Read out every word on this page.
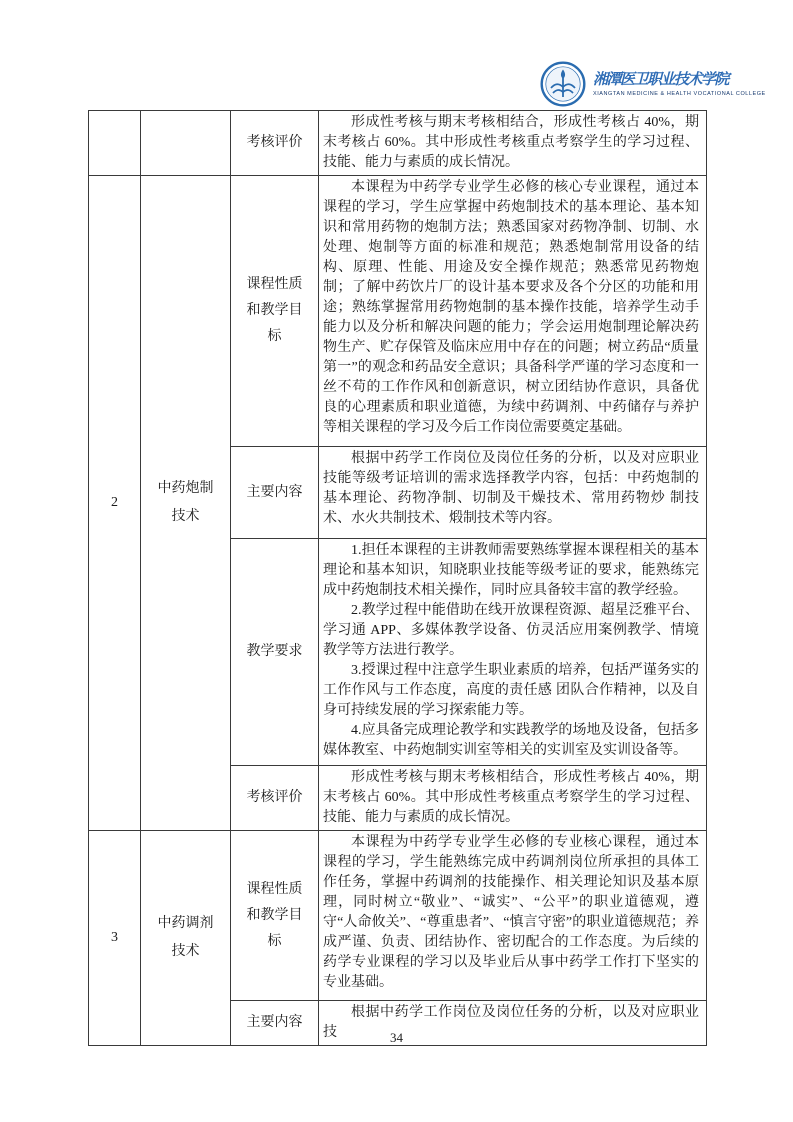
湘潭医卫职业技术学院
XIANGTAN MEDICINE & HEALTH VOCATIONAL COLLEGE
		考核评价	形成性考核与期末考核相结合，形成性考核占 40%，期末考核占 60%。其中形成性考核重点考察学生的学习过程、技能、能力与素质的成长情况。

2	中药炮制技术	课程性质和教学目标	本课程为中药学专业学生必修的核心专业课程，通过本课程的学习，学生应掌握中药炮制技术的基本理论、基本知识和常用药物的炮制方法；熟悉国家对药物净制、切制、水处理、炮制等方面的标准和规范；熟悉炮制常用设备的结构、原理、性能、用途及安全操作规范；熟悉常见药物炮制；了解中药饮片厂的设计基本要求及各个分区的功能和用途；熟练掌握常用药物炮制的基本操作技能，培养学生动手能力以及分析和解决问题的能力；学会运用炮制理论解决药物生产、贮存保管及临床应用中存在的问题；树立药品“质量第一”的观念和药品安全意识；具备科学严谨的学习态度和一丝不苟的工作作风和创新意识，树立团结协作意识，具备优良的心理素质和职业道德，为续中药调剂、中药储存与养护等相关课程的学习及今后工作岗位需要奠定基础。

		主要内容	根据中药学工作岗位及岗位任务的分析，以及对应职业技能等级考证培训的需求选择教学内容，包括：中药炮制的基本理论、药物净制、切制及干燥技术、常用药物炒 制技术、水火共制技术、煅制技术等内容。

		教学要求	1.担任本课程的主讲教师需要熟练掌握本课程相关的基本理论和基本知识，知晓职业技能等级考证的要求，能熟练完成中药炮制技术相关操作，同时应具备较丰富的教学经验。

2.教学过程中能借助在线开放课程资源、超星泛雅平台、学习通 APP、多媒体教学设备、仿灵活应用案例教学、情境教学等方法进行教学。

3.授课过程中注意学生职业素质的培养，包括严谨务实的工作作风与工作态度，高度的责任感 团队合作精神，以及自身可持续发展的学习探索能力等。

4.应具备完成理论教学和实践教学的场地及设备，包括多媒体教室、中药炮制实训室等相关的实训室及实训设备等。

		考核评价	形成性考核与期末考核相结合，形成性考核占 40%，期末考核占 60%。其中形成性考核重点考察学生的学习过程、技能、能力与素质的成长情况。

3	中药调剂技术	课程性质和教学目标	本课程为中药学专业学生必修的专业核心课程，通过本课程的学习，学生能熟练完成中药调剂岗位所承担的具体工作任务，掌握中药调剂的技能操作、相关理论知识及基本原理，同时树立“敬业”、“诚实”、“公平”的职业道德观，遵守“人命攸关”、“尊重患者”、“慎言守密”的职业道德规范；养成严谨、负责、团结协作、密切配合的工作态度。为后续的药学专业课程的学习以及毕业后从事中药学工作打下坚实的专业基础。

		主要内容	根据中药学工作岗位及岗位任务的分析，以及对应职业技	34
